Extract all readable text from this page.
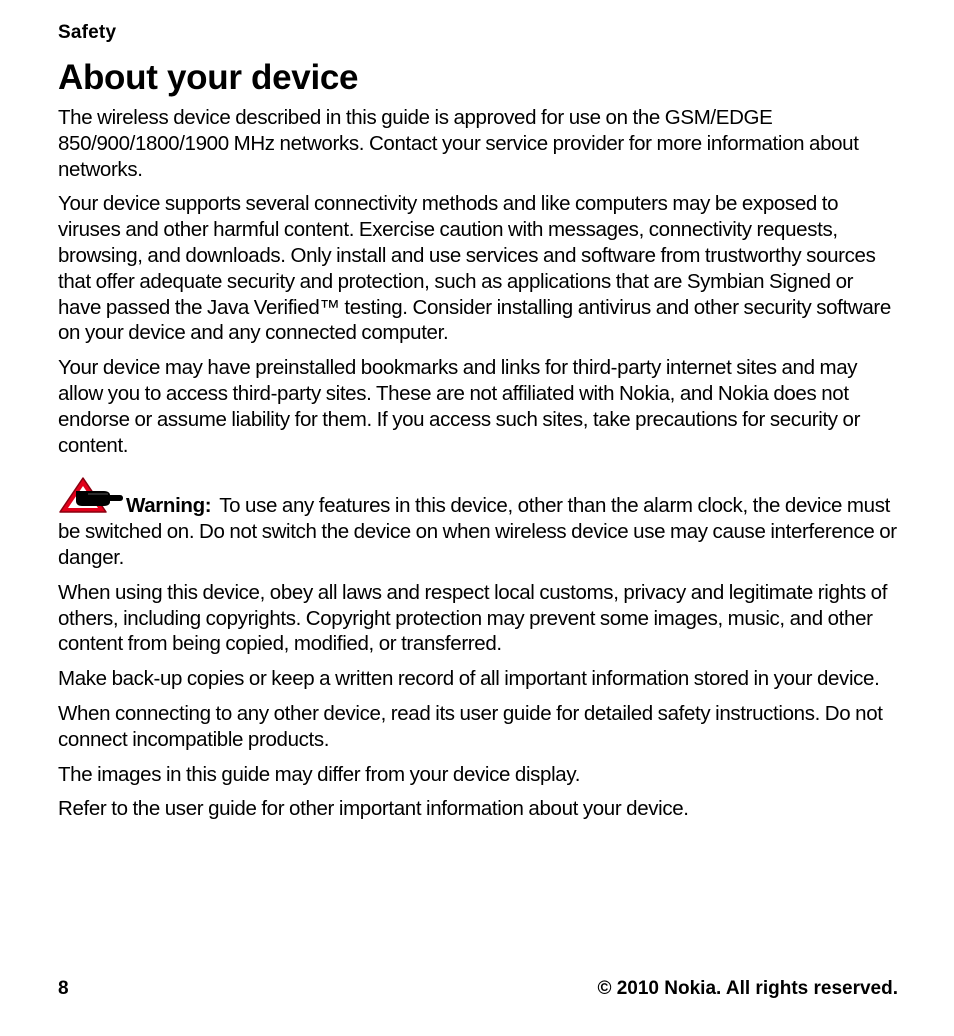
Safety
About your device

The wireless device described in this guide is approved for use on the GSM/EDGE 850/900/1800/1900 MHz networks. Contact your service provider for more information about networks.

Your device supports several connectivity methods and like computers may be exposed to viruses and other harmful content. Exercise caution with messages, connectivity requests, browsing, and downloads. Only install and use services and software from trustworthy sources that offer adequate security and protection, such as applications that are Symbian Signed or have passed the Java Verified™ testing. Consider installing antivirus and other security software on your device and any connected computer.

Your device may have preinstalled bookmarks and links for third-party internet sites and may allow you to access third-party sites. These are not affiliated with Nokia, and Nokia does not endorse or assume liability for them. If you access such sites, take precautions for security or content.

Warning: To use any features in this device, other than the alarm clock, the device must be switched on. Do not switch the device on when wireless device use may cause interference or danger.

When using this device, obey all laws and respect local customs, privacy and legitimate rights of others, including copyrights. Copyright protection may prevent some images, music, and other content from being copied, modified, or transferred.

Make back-up copies or keep a written record of all important information stored in your device.

When connecting to any other device, read its user guide for detailed safety instructions. Do not connect incompatible products.

The images in this guide may differ from your device display.

Refer to the user guide for other important information about your device.

8	© 2010 Nokia. All rights reserved.
